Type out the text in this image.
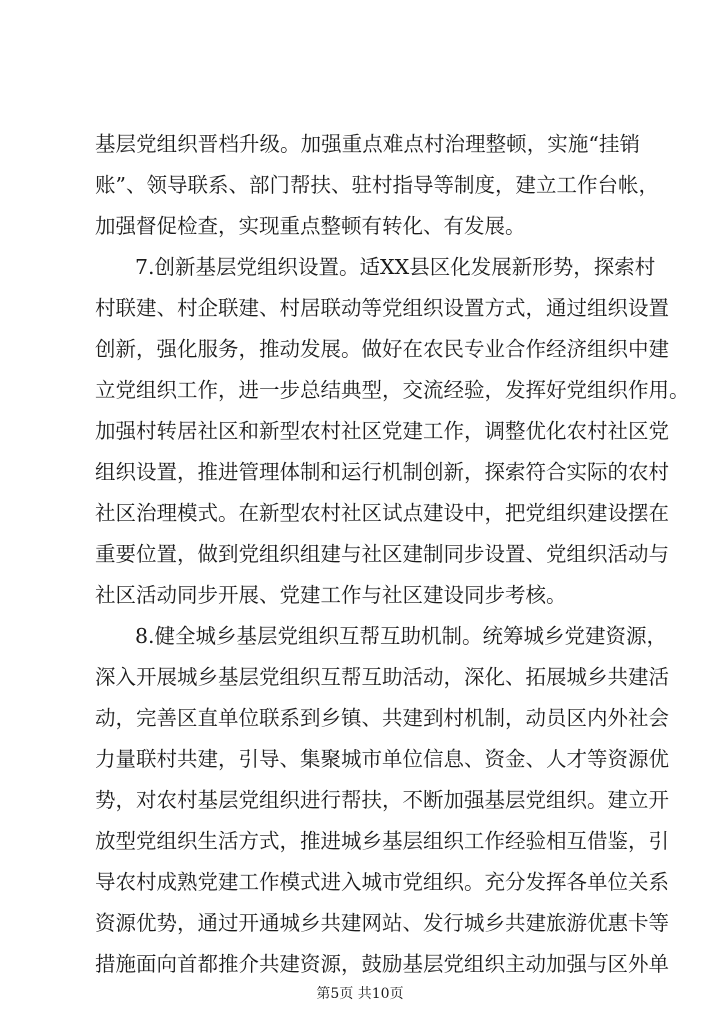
基层党组织晋档升级。加强重点难点村治理整顿，实施“挂销
账”、领导联系、部门帮扶、驻村指导等制度，建立工作台帐，
加强督促检查，实现重点整顿有转化、有发展。
7.创新基层党组织设置。适XX县区化发展新形势，探索村
村联建、村企联建、村居联动等党组织设置方式，通过组织设置
创新，强化服务，推动发展。做好在农民专业合作经济组织中建
立党组织工作，进一步总结典型，交流经验，发挥好党组织作用。
加强村转居社区和新型农村社区党建工作，调整优化农村社区党
组织设置，推进管理体制和运行机制创新，探索符合实际的农村
社区治理模式。在新型农村社区试点建设中，把党组织建设摆在
重要位置，做到党组织组建与社区建制同步设置、党组织活动与
社区活动同步开展、党建工作与社区建设同步考核。
8.健全城乡基层党组织互帮互助机制。统筹城乡党建资源，
深入开展城乡基层党组织互帮互助活动，深化、拓展城乡共建活
动，完善区直单位联系到乡镇、共建到村机制，动员区内外社会
力量联村共建，引导、集聚城市单位信息、资金、人才等资源优
势，对农村基层党组织进行帮扶，不断加强基层党组织。建立开
放型党组织生活方式，推进城乡基层组织工作经验相互借鉴，引
导农村成熟党建工作模式进入城市党组织。充分发挥各单位关系
资源优势，通过开通城乡共建网站、发行城乡共建旅游优惠卡等
措施面向首都推介共建资源，鼓励基层党组织主动加强与区外单
第5页 共10页
